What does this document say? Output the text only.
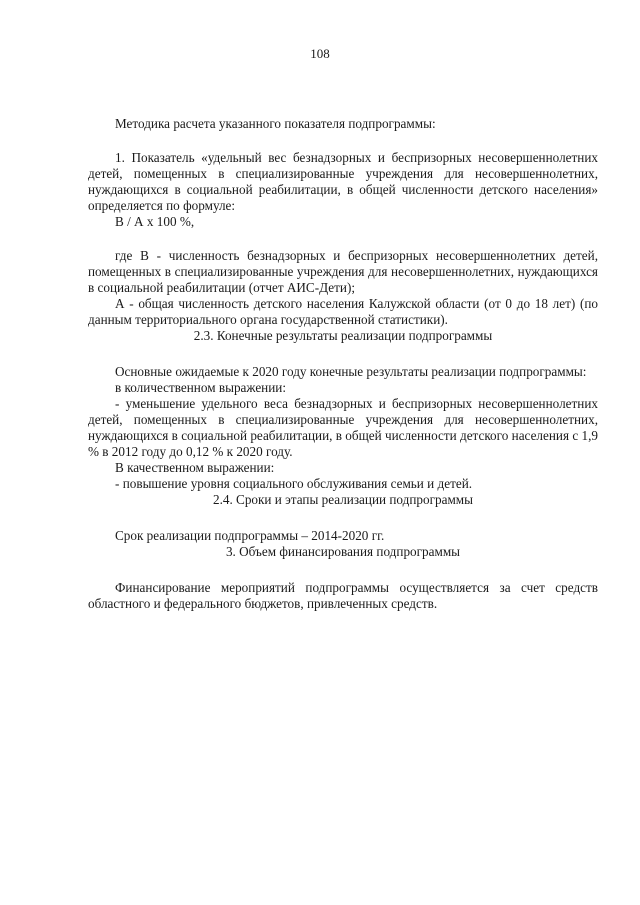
108

Методика расчета указанного показателя подпрограммы:

1. Показатель «удельный вес безнадзорных и беспризорных несовершеннолетних детей, помещенных в специализированные учреждения для несовершеннолетних, нуждающихся в социальной реабилитации, в общей численности детского населения» определяется по формуле:

В / А х 100 %,

где В - численность безнадзорных и беспризорных несовершеннолетних детей, помещенных в специализированные учреждения для несовершеннолетних, нуждающихся в социальной реабилитации (отчет АИС-Дети);

А - общая численность детского населения Калужской области (от 0 до 18 лет) (по данным территориального органа государственной статистики).

2.3. Конечные результаты реализации подпрограммы

Основные ожидаемые к 2020 году конечные результаты реализации подпрограммы:

в количественном выражении:

- уменьшение удельного веса безнадзорных и беспризорных несовершеннолетних детей, помещенных в специализированные учреждения для несовершеннолетних, нуждающихся в социальной реабилитации, в общей численности детского населения с 1,9 % в 2012 году до 0,12 % к 2020 году.

В качественном выражении:

- повышение уровня социального обслуживания семьи и детей.

2.4. Сроки и этапы реализации подпрограммы

Срок реализации подпрограммы – 2014-2020 гг.

3. Объем финансирования подпрограммы

Финансирование мероприятий подпрограммы осуществляется за счет средств областного и федерального бюджетов, привлеченных средств.
